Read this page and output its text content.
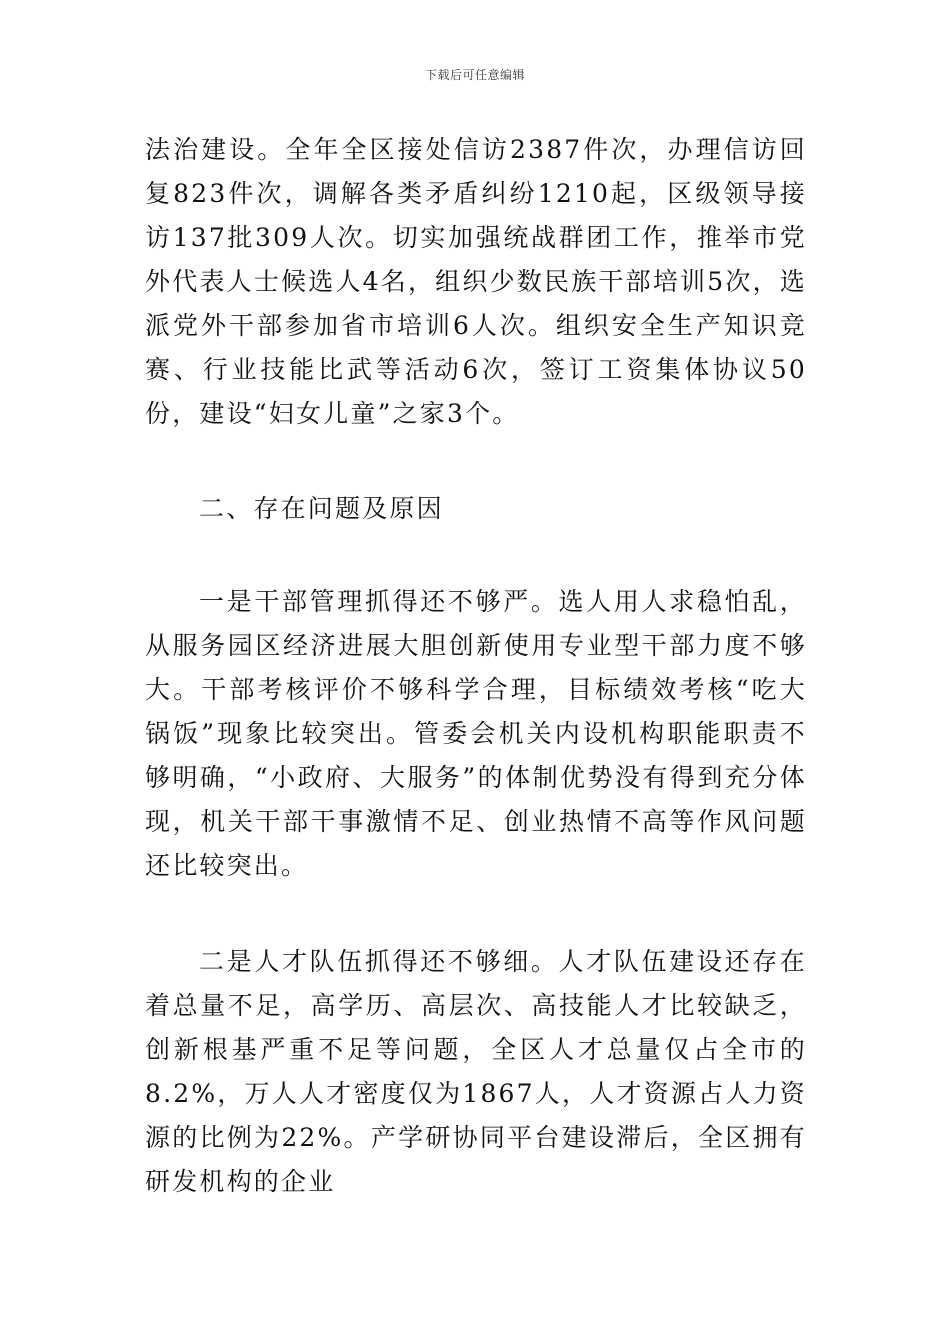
下载后可任意编辑

法治建设。全年全区接处信访2387件次，办理信访回复823件次，调解各类矛盾纠纷1210起，区级领导接访137批309人次。切实加强统战群团工作，推举市党外代表人士候选人4名，组织少数民族干部培训5次，选派党外干部参加省市培训6人次。组织安全生产知识竞赛、行业技能比武等活动6次，签订工资集体协议50份，建设“妇女儿童”之家3个。

二、存在问题及原因

一是干部管理抓得还不够严。选人用人求稳怕乱，从服务园区经济进展大胆创新使用专业型干部力度不够大。干部考核评价不够科学合理，目标绩效考核“吃大锅饭”现象比较突出。管委会机关内设机构职能职责不够明确，“小政府、大服务”的体制优势没有得到充分体现，机关干部干事激情不足、创业热情不高等作风问题还比较突出。

二是人才队伍抓得还不够细。人才队伍建设还存在着总量不足，高学历、高层次、高技能人才比较缺乏，创新根基严重不足等问题，全区人才总量仅占全市的8.2%，万人人才密度仅为1867人，人才资源占人力资源的比例为22%。产学研协同平台建设滞后，全区拥有研发机构的企业
